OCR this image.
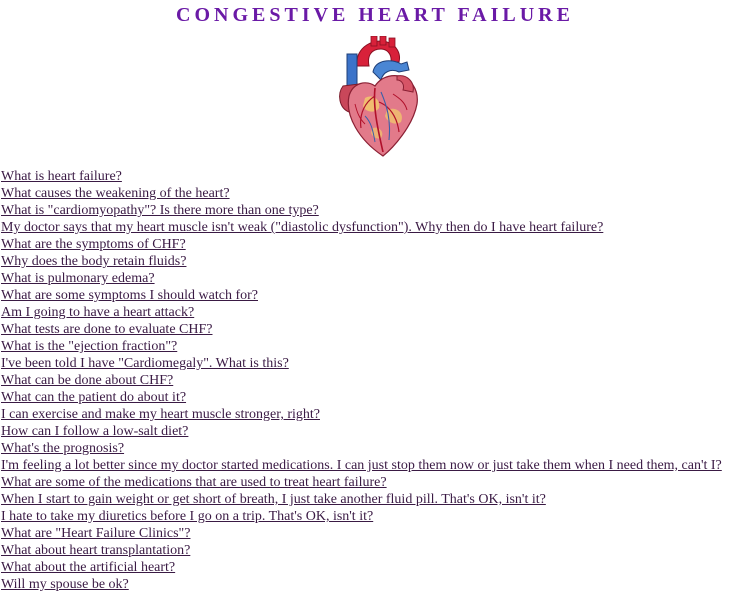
CONGESTIVE HEART FAILURE
What is heart failure?
What causes the weakening of the heart?
What is "cardiomyopathy"? Is there more than one type?
My doctor says that my heart muscle isn't weak ("diastolic dysfunction"). Why then do I have heart failure?
What are the symptoms of CHF?
Why does the body retain fluids?
What is pulmonary edema?
What are some symptoms I should watch for?
Am I going to have a heart attack?
What tests are done to evaluate CHF?
What is the "ejection fraction"?
I've been told I have "Cardiomegaly". What is this?
What can be done about CHF?
What can the patient do about it?
I can exercise and make my heart muscle stronger, right?
How can I follow a low-salt diet?
What's the prognosis?
I'm feeling a lot better since my doctor started medications. I can just stop them now or just take them when I need them, can't I?
What are some of the medications that are used to treat heart failure?
When I start to gain weight or get short of breath, I just take another fluid pill. That's OK, isn't it?
I hate to take my diuretics before I go on a trip. That's OK, isn't it?
What are "Heart Failure Clinics"?
What about heart transplantation?
What about the artificial heart?
Will my spouse be ok?
